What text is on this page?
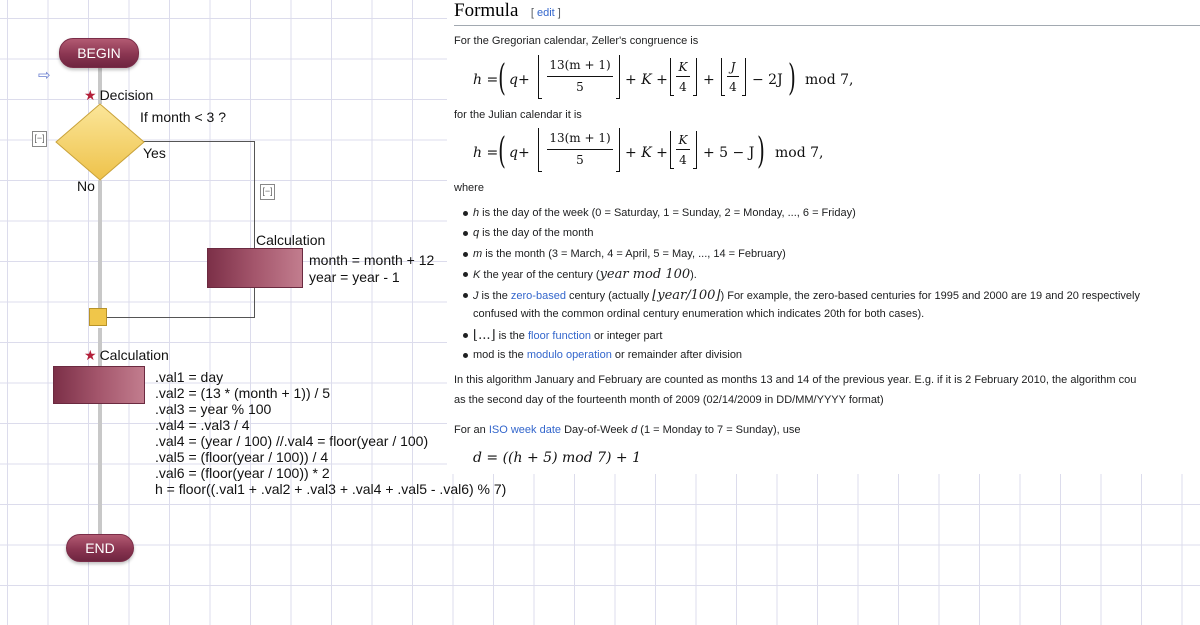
BEGIN
⇨
★ Decision
If month < 3 ?
[−]
[−]
Yes
No
Calculation
month = month + 12
year = year - 1
★ Calculation
.val1 = day
.val2 = (13 * (month + 1)) / 5
.val3 = year % 100
.val4 = .val3 / 4
.val4 = (year / 100) //.val4 = floor(year / 100)
.val5 = (floor(year / 100)) / 4
.val6 = (floor(year / 100)) * 2
h = floor((.val1 + .val2 + .val3 + .val4 + .val5 - .val6) % 7)
END
Formula [ edit ]
For the Gregorian calendar, Zeller's congruence is
h = ( q+
13(m + 1)
5	+ K +
K
4 +
J
4 − 2J ) mod 7,
for the Julian calendar it is
h = ( q+
13(m + 1)
5	+ K +
K
4 + 5 − J ) mod 7,
where
h is the day of the week (0 = Saturday, 1 = Sunday, 2 = Monday, ..., 6 = Friday)
q is the day of the month
m is the month (3 = March, 4 = April, 5 = May, ..., 14 = February)
K the year of the century (year mod 100).
J is the zero-based century (actually ⌊year/100⌋) For example, the zero-based centuries for 1995 and 2000 are 19 and 20 respectively
confused with the common ordinal century enumeration which indicates 20th for both cases).
⌊...⌋ is the floor function or integer part
mod is the modulo operation or remainder after division
In this algorithm January and February are counted as months 13 and 14 of the previous year. E.g. if it is 2 February 2010, the algorithm cou
as the second day of the fourteenth month of 2009 (02/14/2009 in DD/MM/YYYY format)
For an ISO week date Day-of-Week d (1 = Monday to 7 = Sunday), use
d = ((h + 5) mod 7) + 1
